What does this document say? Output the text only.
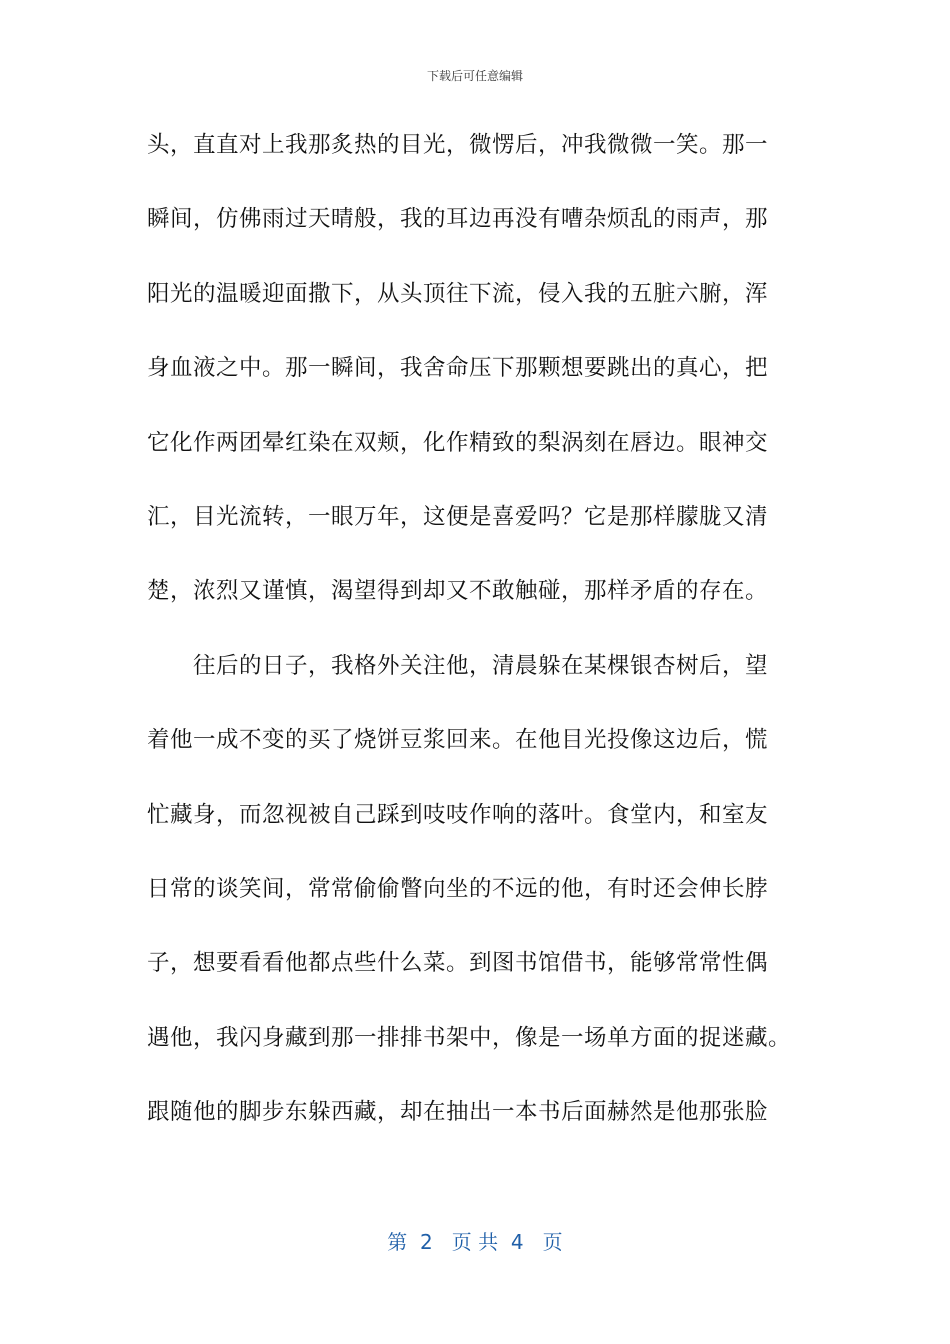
下载后可任意编辑
头，直直对上我那炙热的目光，微愣后，冲我微微一笑。那一
瞬间，仿佛雨过天晴般，我的耳边再没有嘈杂烦乱的雨声，那
阳光的温暖迎面撒下，从头顶往下流，侵入我的五脏六腑，浑
身血液之中。那一瞬间，我舍命压下那颗想要跳出的真心，把
它化作两团晕红染在双颊，化作精致的梨涡刻在唇边。眼神交
汇，目光流转，一眼万年，这便是喜爱吗？它是那样朦胧又清
楚，浓烈又谨慎，渴望得到却又不敢触碰，那样矛盾的存在。
往后的日子，我格外关注他，清晨躲在某棵银杏树后，望
着他一成不变的买了烧饼豆浆回来。在他目光投像这边后，慌
忙藏身，而忽视被自己踩到吱吱作响的落叶。食堂内，和室友
日常的谈笑间，常常偷偷瞥向坐的不远的他，有时还会伸长脖
子，想要看看他都点些什么菜。到图书馆借书，能够常常性偶
遇他，我闪身藏到那一排排书架中，像是一场单方面的捉迷藏。
跟随他的脚步东躲西藏，却在抽出一本书后面赫然是他那张脸
第  2   页 共  4   页
